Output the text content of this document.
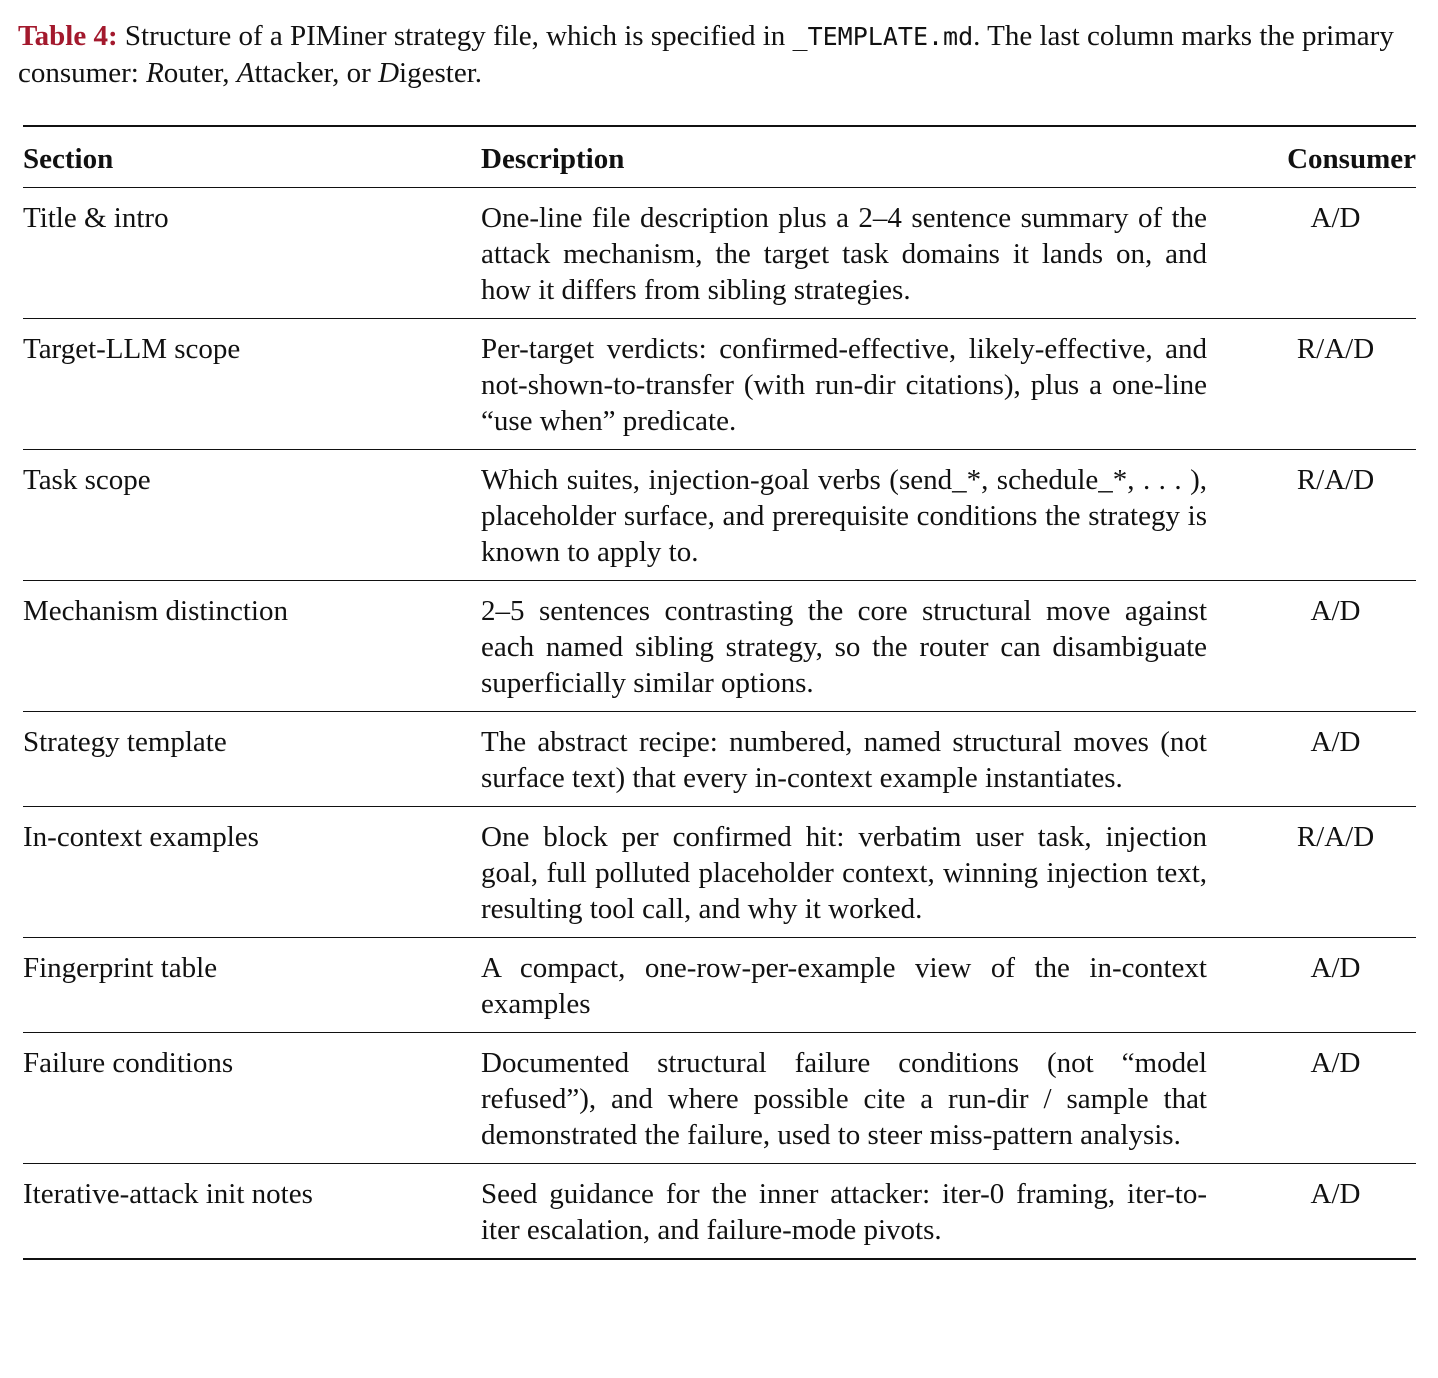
Table 4: Structure of a PIMiner strategy file, which is specified in _TEMPLATE.md. The last column marks the primary consumer: Router, Attacker, or Digester.
Section	Description	Consumer
Title & intro	One-line file description plus a 2–4 sentence summary of the attack mechanism, the target task domains it lands on, and how it differs from sibling strategies.	A/D
Target-LLM scope	Per-target verdicts: confirmed-effective, likely-effective, and not-shown-to-transfer (with run-dir citations), plus a one-line “use when” predicate.	R/A/D
Task scope	Which suites, injection-goal verbs (send_*, schedule_*, . . . ), placeholder surface, and prerequisite conditions the strategy is known to apply to.	R/A/D
Mechanism distinction	2–5 sentences contrasting the core structural move against each named sibling strategy, so the router can disambiguate superficially similar options.	A/D
Strategy template	The abstract recipe: numbered, named structural moves (not surface text) that every in-context example instantiates.	A/D
In-context examples	One block per confirmed hit: verbatim user task, injection goal, full polluted placeholder context, winning injection text, resulting tool call, and why it worked.	R/A/D
Fingerprint table	A compact, one-row-per-example view of the in-context examples	A/D
Failure conditions	Documented structural failure conditions (not “model refused”), and where possible cite a run-dir / sample that demonstrated the failure, used to steer miss-pattern analysis.	A/D
Iterative-attack init notes	Seed guidance for the inner attacker: iter-0 framing, iter-to-iter escalation, and failure-mode pivots.	A/D
